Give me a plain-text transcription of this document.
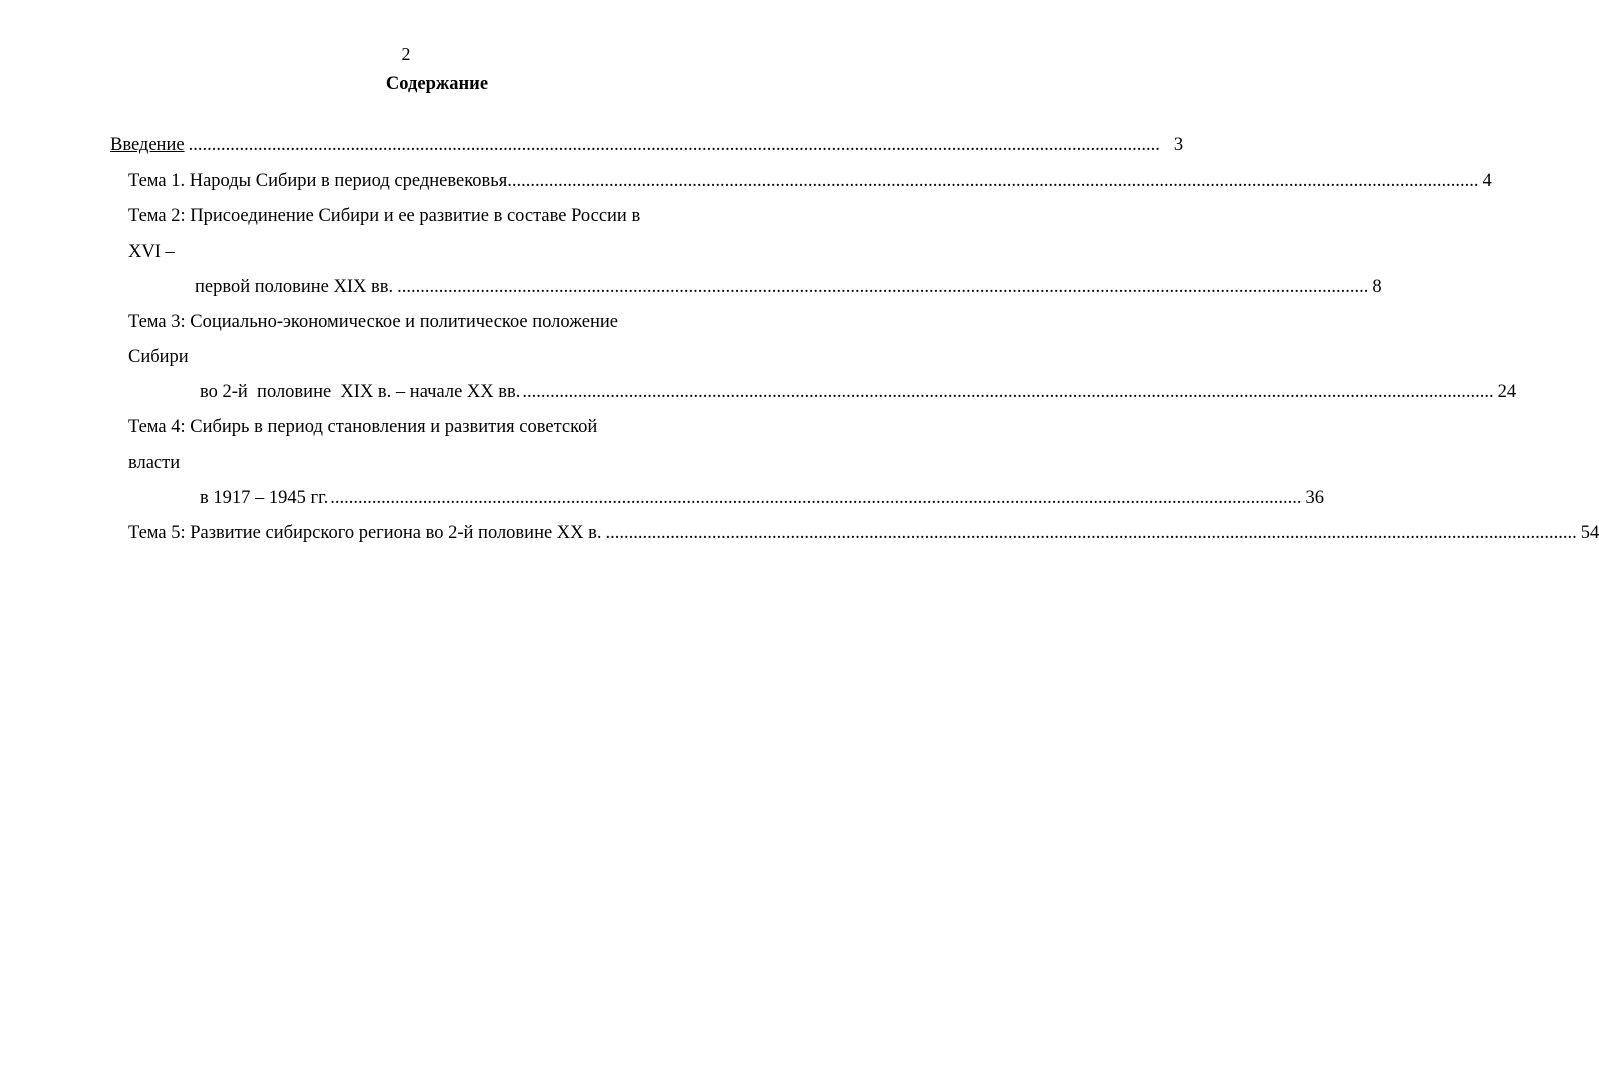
2
Содержание
Введение .................................................................................................................................................................................................................. 3
Тема 1. Народы Сибири в период средневековья .................................................................................................................................................................................................................. 4
Тема 2: Присоединение Сибири и ее развитие в составе России в
XVI –
первой половине XIX вв. .................................................................................................................................................................................................................. 8
Тема 3: Социально-экономическое и политическое положение
Сибири
во 2-й  половине  XIX в. – начале XX вв. .................................................................................................................................................................................................................. 24
Тема 4: Сибирь в период становления и развития советской
власти
в 1917 – 1945 гг. .................................................................................................................................................................................................................. 36
Тема 5: Развитие сибирского региона во 2-й половине XX в. .................................................................................................................................................................................................................. 54
